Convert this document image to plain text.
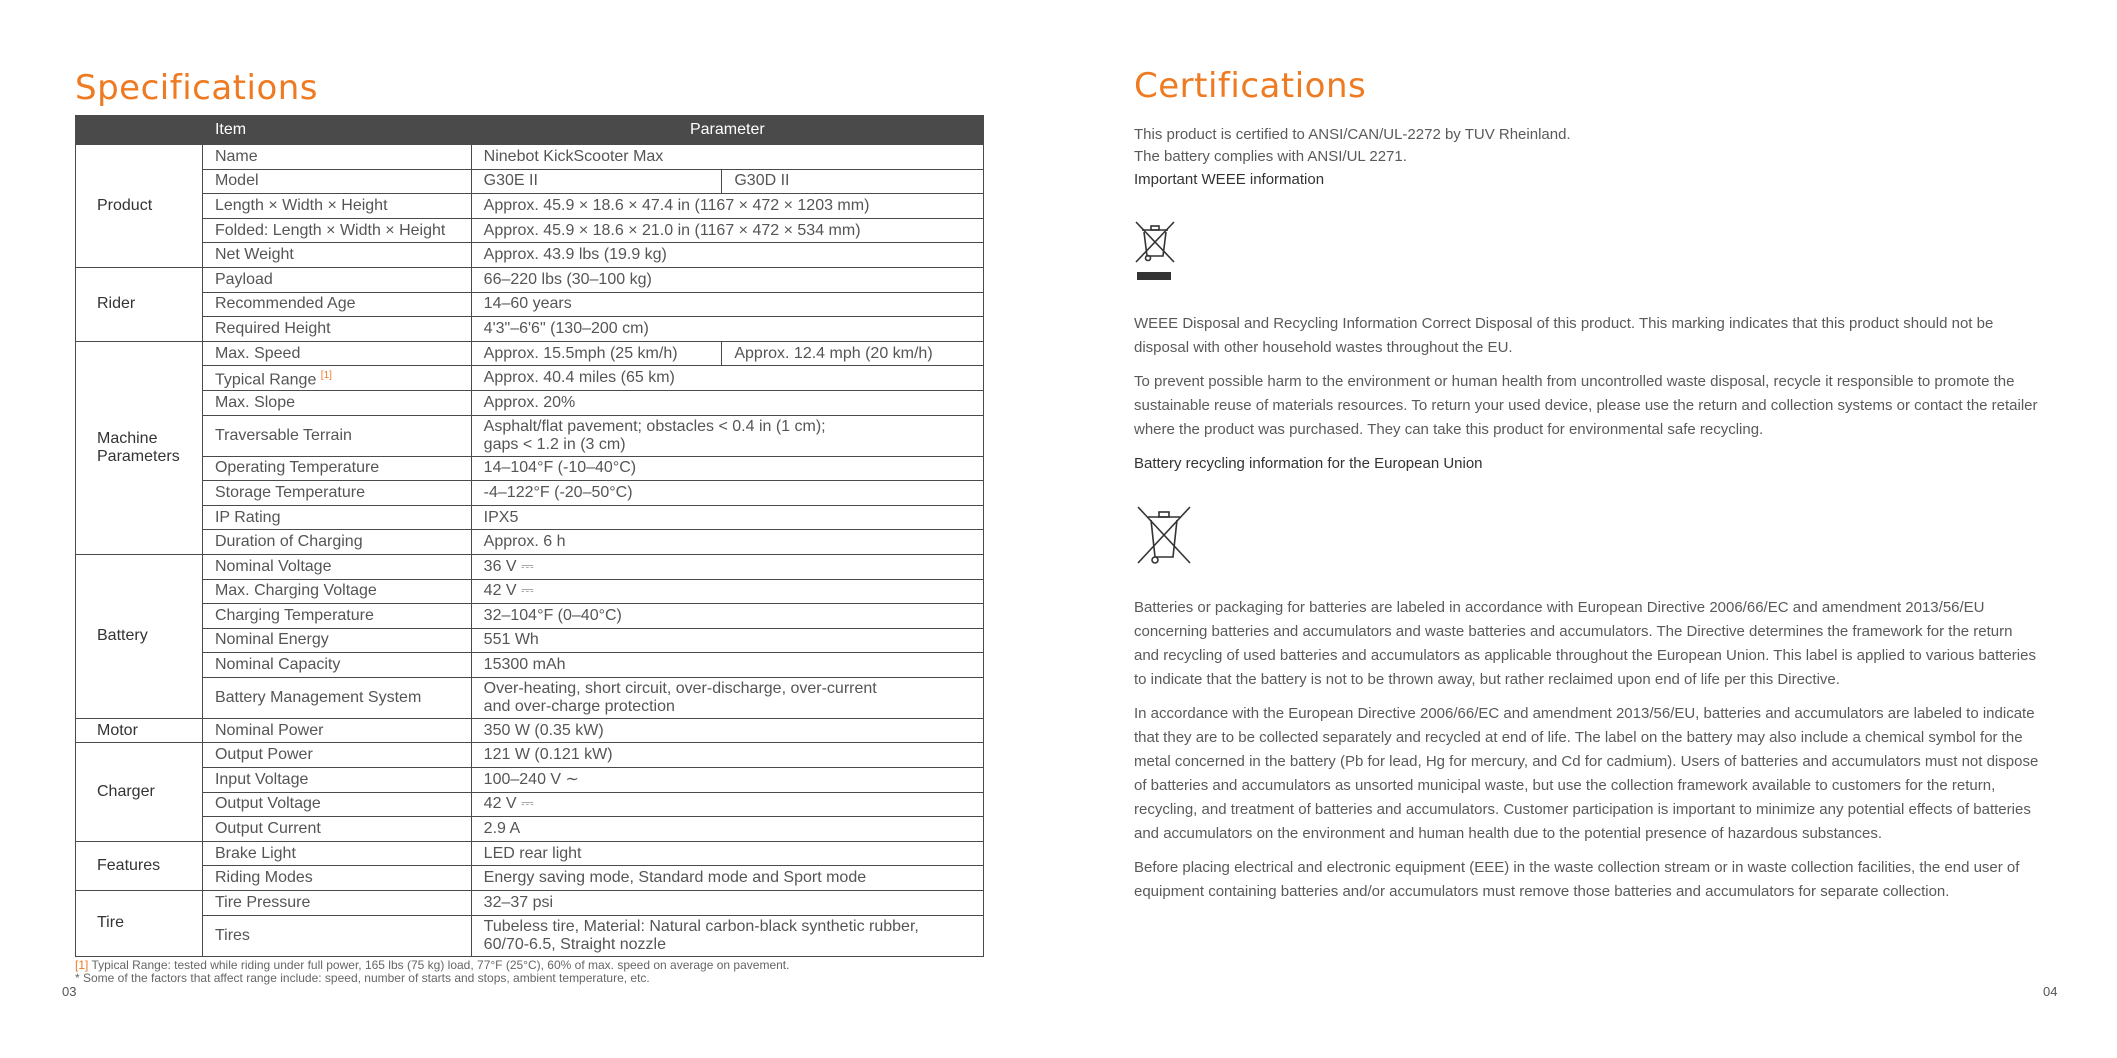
Specifications
	Item	Parameter	
Product	Name	Ninebot KickScooter Max	
	Model	G30E II	G30D II
	Length × Width × Height	Approx. 45.9 × 18.6 × 47.4 in (1167 × 472 × 1203 mm)	
	Folded: Length × Width × Height	Approx. 45.9 × 18.6 × 21.0 in (1167 × 472 × 534 mm)	
	Net Weight	Approx. 43.9 lbs (19.9 kg)	
Rider	Payload	66–220 lbs (30–100 kg)	
	Recommended Age	14–60 years	
	Required Height	4'3"–6'6" (130–200 cm)	
Machine Parameters	Max. Speed	Approx. 15.5mph (25 km/h)	Approx. 12.4 mph (20 km/h)
	Typical Range [1]	Approx. 40.4 miles (65 km)	
	Max. Slope	Approx. 20%	
	Traversable Terrain	Asphalt/flat pavement; obstacles < 0.4 in (1 cm);
gaps < 1.2 in (3 cm)	
	Operating Temperature	14–104°F (-10–40°C)	
	Storage Temperature	-4–122°F (-20–50°C)	
	IP Rating	IPX5	
	Duration of Charging	Approx. 6 h	
Battery	Nominal Voltage	36 V ⎓	
	Max. Charging Voltage	42 V ⎓	
	Charging Temperature	32–104°F (0–40°C)	
	Nominal Energy	551 Wh	
	Nominal Capacity	15300 mAh	
	Battery Management System	Over-heating, short circuit, over-discharge, over-current
and over-charge protection	
Motor	Nominal Power	350 W (0.35 kW)	
Charger	Output Power	121 W (0.121 kW)	
	Input Voltage	100–240 V ∼	
	Output Voltage	42 V ⎓	
	Output Current	2.9 A	
Features	Brake Light	LED rear light	
	Riding Modes	Energy saving mode, Standard mode and Sport mode	
Tire	Tire Pressure	32–37 psi	
	Tires	Tubeless tire, Material: Natural carbon-black synthetic rubber,
60/70-6.5, Straight nozzle	
[1] Typical Range: tested while riding under full power, 165 lbs (75 kg) load, 77°F (25°C), 60% of max. speed on average on pavement.
* Some of the factors that affect range include: speed, number of starts and stops, ambient temperature, etc.
03
Certifications

This product is certified to ANSI/CAN/UL-2272 by TUV Rheinland.

The battery complies with ANSI/UL 2271.

Important WEEE information

WEEE Disposal and Recycling Information Correct Disposal of this product. This marking indicates that this product should not be disposal with other household wastes throughout the EU.

To prevent possible harm to the environment or human health from uncontrolled waste disposal, recycle it responsible to promote the sustainable reuse of materials resources. To return your used device, please use the return and collection systems or contact the retailer where the product was purchased. They can take this product for environmental safe recycling.

Battery recycling information for the European Union

Batteries or packaging for batteries are labeled in accordance with European Directive 2006/66/EC and amendment 2013/56/EU concerning batteries and accumulators and waste batteries and accumulators. The Directive determines the framework for the return and recycling of used batteries and accumulators as applicable throughout the European Union. This label is applied to various batteries to indicate that the battery is not to be thrown away, but rather reclaimed upon end of life per this Directive.

In accordance with the European Directive 2006/66/EC and amendment 2013/56/EU, batteries and accumulators are labeled to indicate that they are to be collected separately and recycled at end of life. The label on the battery may also include a chemical symbol for the metal concerned in the battery (Pb for lead, Hg for mercury, and Cd for cadmium). Users of batteries and accumulators must not dispose of batteries and accumulators as unsorted municipal waste, but use the collection framework available to customers for the return, recycling, and treatment of batteries and accumulators. Customer participation is important to minimize any potential effects of batteries and accumulators on the environment and human health due to the potential presence of hazardous substances.

Before placing electrical and electronic equipment (EEE) in the waste collection stream or in waste collection facilities, the end user of equipment containing batteries and/or accumulators must remove those batteries and accumulators for separate collection.

04
